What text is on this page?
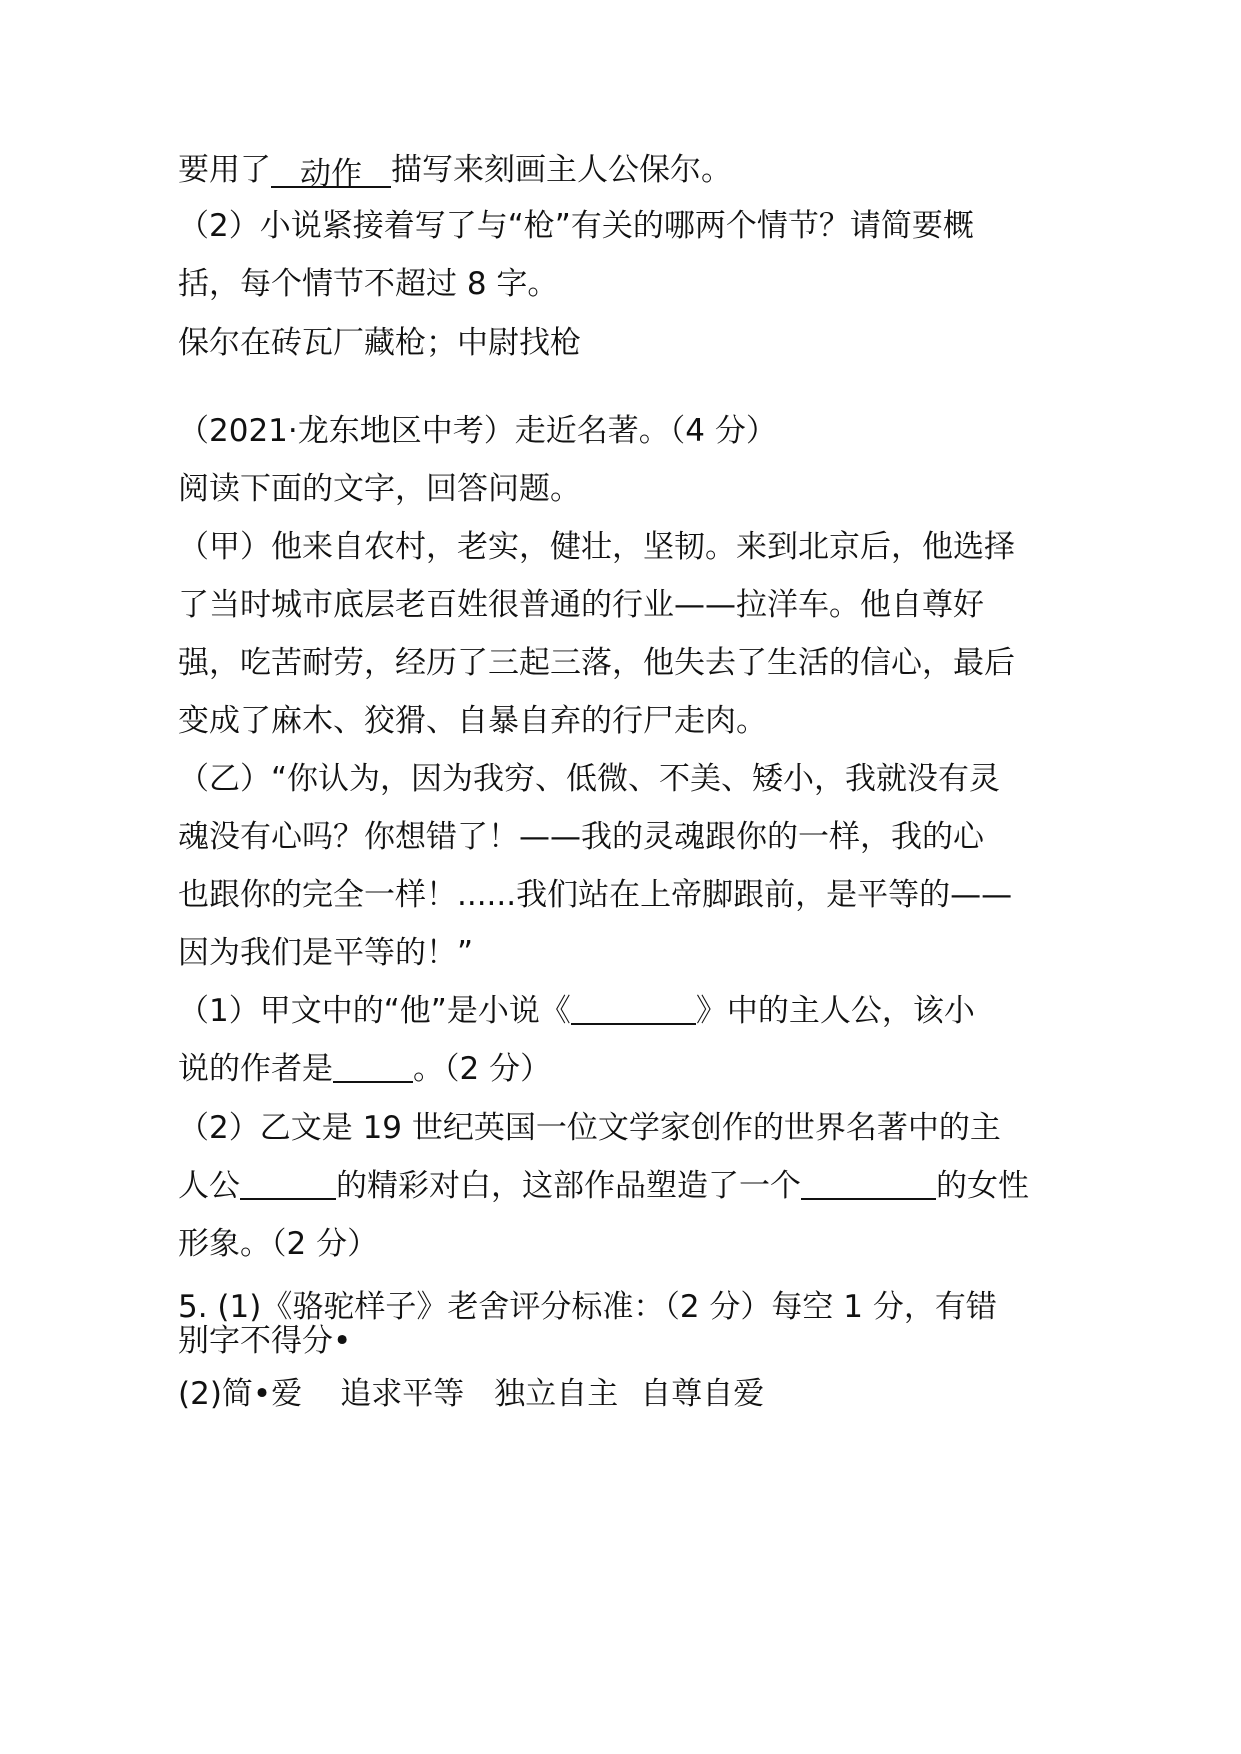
要用了 动作 描写来刻画主人公保尔。
（2）小说紧接着写了与“枪”有关的哪两个情节？请简要概
括，每个情节不超过 8 字。
保尔在砖瓦厂藏枪；中尉找枪
（2021·龙东地区中考）走近名著。（4 分）
阅读下面的文字，回答问题。
（甲）他来自农村，老实，健壮，坚韧。来到北京后，他选择
了当时城市底层老百姓很普通的行业——拉洋车。他自尊好
强，吃苦耐劳，经历了三起三落，他失去了生活的信心，最后
变成了麻木、狡猾、自暴自弃的行尸走肉。
（乙）“你认为，因为我穷、低微、不美、矮小，我就没有灵
魂没有心吗？你想错了！——我的灵魂跟你的一样，我的心
也跟你的完全一样！......我们站在上帝脚跟前，是平等的——
因为我们是平等的！”
（1）甲文中的“他”是小说《	》中的主人公，该小
说的作者是	。（2 分）
（2）乙文是 19 世纪英国一位文学家创作的世界名著中的主
人公	的精彩对白，这部作品塑造了一个	的女性
形象。（2 分）
5. (1)《骆驼样子》老舍评分标准：（2 分）每空 1 分，有错
别字不得分•
(2)简•爱 追求平等 独立自主 自尊自爱
